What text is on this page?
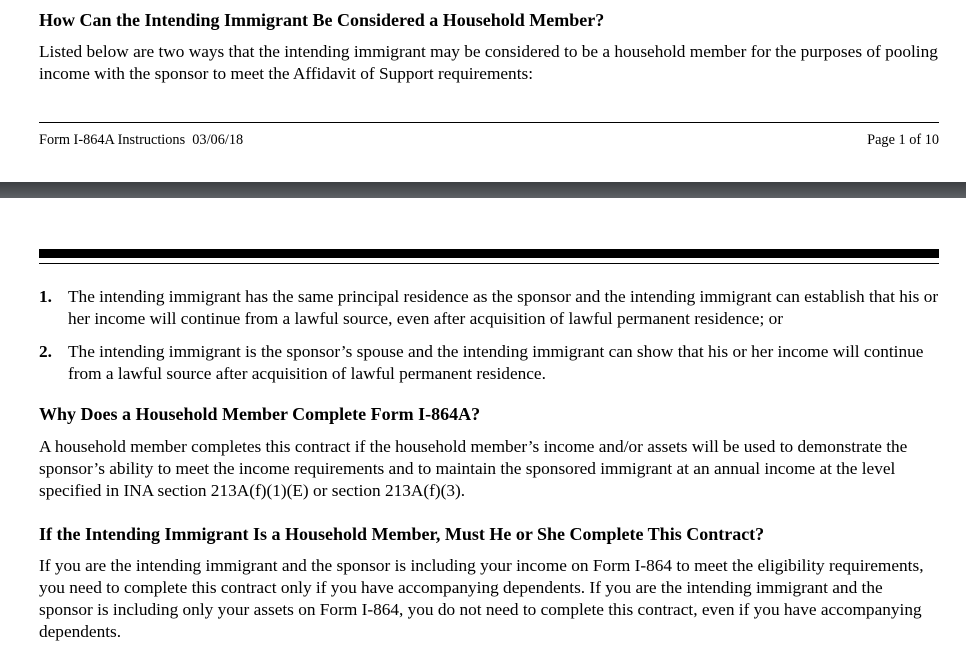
How Can the Intending Immigrant Be Considered a Household Member?

Listed below are two ways that the intending immigrant may be considered to be a household member for the purposes of pooling income with the sponsor to meet the Affidavit of Support requirements:

Form I-864A Instructions  03/06/18	Page 1 of 10
1. The intending immigrant has the same principal residence as the sponsor and the intending immigrant can establish that his or her income will continue from a lawful source, even after acquisition of lawful permanent residence; or
2. The intending immigrant is the sponsor’s spouse and the intending immigrant can show that his or her income will continue from a lawful source after acquisition of lawful permanent residence.
Why Does a Household Member Complete Form I-864A?

A household member completes this contract if the household member’s income and/or assets will be used to demonstrate the sponsor’s ability to meet the income requirements and to maintain the sponsored immigrant at an annual income at the level specified in INA section 213A(f)(1)(E) or section 213A(f)(3).

If the Intending Immigrant Is a Household Member, Must He or She Complete This Contract?

If you are the intending immigrant and the sponsor is including your income on Form I-864 to meet the eligibility requirements, you need to complete this contract only if you have accompanying dependents. If you are the intending immigrant and the sponsor is including only your assets on Form I-864, you do not need to complete this contract, even if you have accompanying dependents.
